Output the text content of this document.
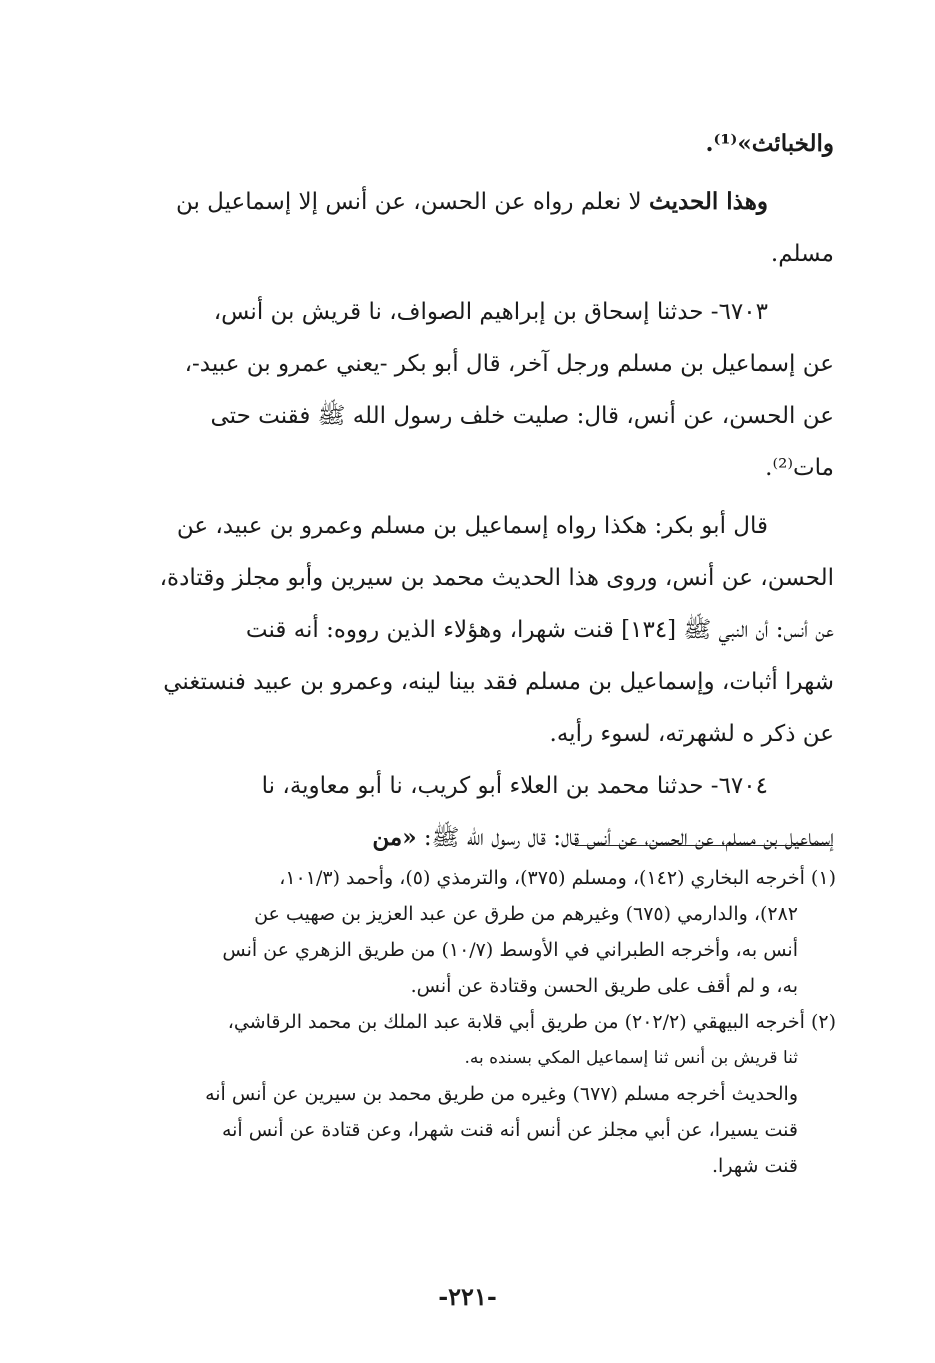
والخبائث»⁽¹⁾.
وهذا الحديث لا نعلم رواه عن الحسن، عن أنس إلا إسماعيل بن
مسلم.
٦٧٠٣- حدثنا إسحاق بن إبراهيم الصواف، نا قريش بن أنس،
عن إسماعيل بن مسلم ورجل آخر، قال أبو بكر -يعني عمرو بن عبيد-،
عن الحسن، عن أنس، قال: صليت خلف رسول الله ﷺ فقنت حتى
مات⁽²⁾.
قال أبو بكر: هكذا رواه إسماعيل بن مسلم وعمرو بن عبيد، عن
الحسن، عن أنس، وروى هذا الحديث محمد بن سيرين وأبو مجلز وقتادة،
عن أنس: أن النبي ﷺ [١٣٤] قنت شهرا، وهؤلاء الذين رووه: أنه قنت
شهرا أثبات، وإسماعيل بن مسلم فقد بينا لينه، وعمرو بن عبيد فنستغني
عن ذكر ه لشهرته، لسوء رأيه.
٦٧٠٤- حدثنا محمد بن العلاء أبو كريب، نا أبو معاوية، نا
إسماعيل بن مسلم، عن الحسن، عن أنس قال: قال رسول الله ﷺ: «من
(١) أخرجه البخاري (١٤٢)، ومسلم (٣٧٥)، والترمذي (٥)، وأحمد (١٠١/٣،
٢٨٢)، والدارمي (٦٧٥) وغيرهم من طرق عن عبد العزيز بن صهيب عن
أنس به، وأخرجه الطبراني في الأوسط (١٠/٧) من طريق الزهري عن أنس
به، و لم أقف على طريق الحسن وقتادة عن أنس.
(٢) أخرجه البيهقي (٢٠٢/٢) من طريق أبي قلابة عبد الملك بن محمد الرقاشي،
ثنا قريش بن أنس ثنا إسماعيل المكي بسنده به.
والحديث أخرجه مسلم (٦٧٧) وغيره من طريق محمد بن سيرين عن أنس أنه
قنت يسيرا، عن أبي مجلز عن أنس أنه قنت شهرا، وعن قتادة عن أنس أنه
قنت شهرا.
-٢٢١-
